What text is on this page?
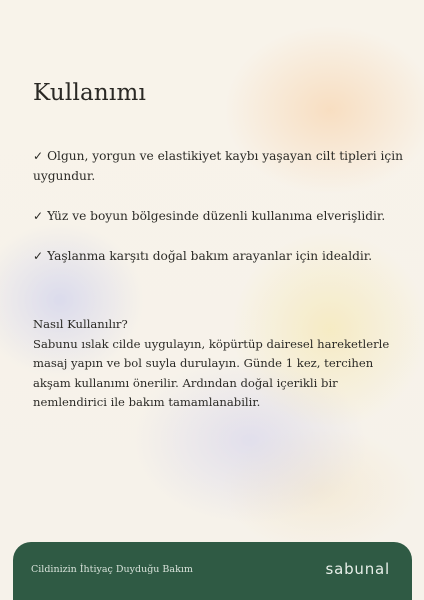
Kullanımı
✓ Olgun, yorgun ve elastikiyet kaybı yaşayan cilt tipleri için uygundur.
✓ Yüz ve boyun bölgesinde düzenli kullanıma elverişlidir.
✓ Yaşlanma karşıtı doğal bakım arayanlar için idealdir.

Nasıl Kullanılır?

Sabunu ıslak cilde uygulayın, köpürtüp dairesel hareketlerle masaj yapın ve bol suyla durulayın. Günde 1 kez, tercihen akşam kullanımı önerilir. Ardından doğal içerikli bir nemlendirici ile bakım tamamlanabilir.

Cildinizin İhtiyaç Duyduğu Bakım	sabunal
